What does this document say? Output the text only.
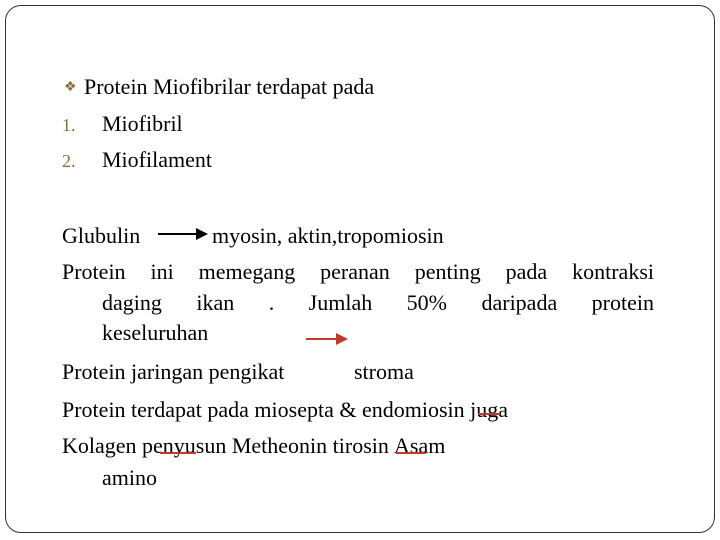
❖ Protein Miofibrilar terdapat pada
1. Miofibril
2. Miofilament
Glubulin	myosin, aktin,tropomiosin
Protein ini memegang peranan penting pada kontraksi
daging ikan . Jumlah 50% daripada protein
keseluruhan
Protein jaringan pengikat	stroma
Protein terdapat pada miosepta & endomiosin juga
Kolagen penyusun Metheonin tirosin Asam
amino
